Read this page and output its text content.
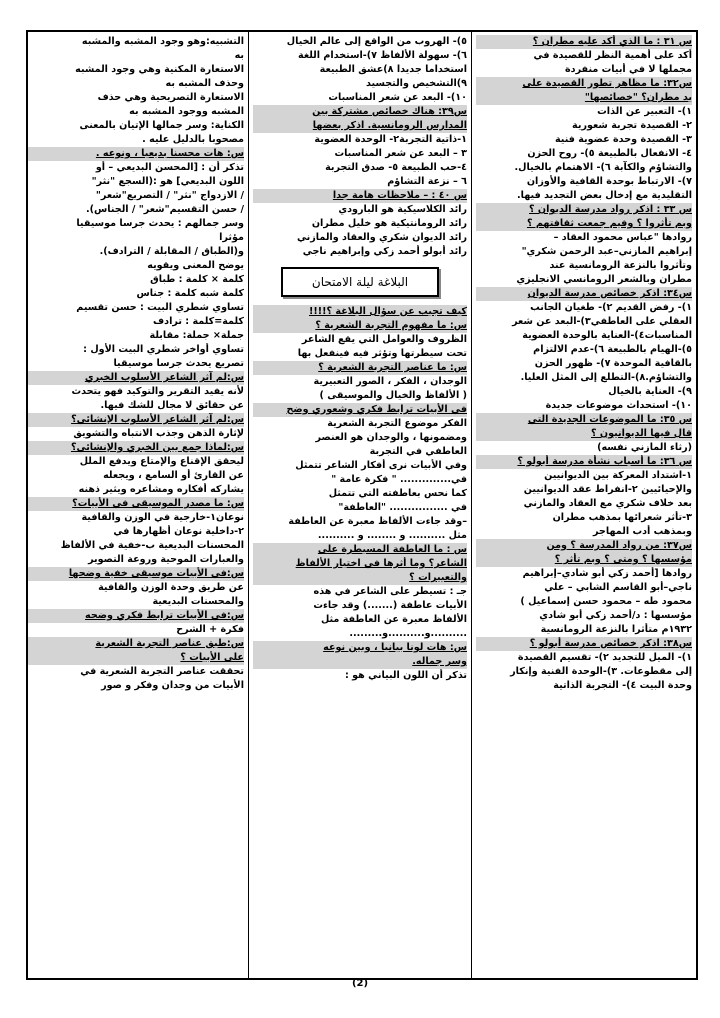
س ٣١ : ما الذي أكد عليه مطران ؟
أكد على أهمية النظر للقصيدة في
مجملها لا في أبيات منفردة
س٣٢: ما مظاهر تطور القصيدة على
يد مطران؟ "خصائصها"
١)- التعبير عن الذات
٢- القصيدة تجربة شعورية
٣- القصيدة وحدة عضوية فنية
٤- الانفعال بالطبيعة ٥)- روح الحزن
والتشاؤم والكآبة ٦)- الاهتمام بالخيال.
٧)- الارتباط بوحدة القافية والأوزان
التقليدية مع إدخال بعض التجديد فيها.
س ٣٣ : اذكر رواد مدرسة الديوان ؟
وبم تأثروا ؟ وفيم جمعت ثقافتهم ؟
روادها "عباس محمود العقاد –
إبراهيم المازني–عبد الرحمن شكري"
وتأثروا بالنزعة الرومانسية عند
مطران وبالشعر الرومانسي الانجليزي
س٣٤: اذكر خصائص مدرسة الديوان
١)- رفض القديم ٢)- طغيان الجانب
العقلي على العاطفي٣)-البعد عن شعر
المناسبات٤)-العناية بالوحدة العضوية
٥)-الهيام بالطبيعة ٦)-عدم الالتزام
بالقافية الموحدة ٧)- ظهور الحزن
والتشاؤم.٨)-التطلع إلى المثل العليا.
٩)- العناية بالخيال
١٠)- استحداث موضوعات جديدة
س ٣٥: ما الموضوعات الجديدة التي
قال فيها الديوانيون ؟
(رثاء المازني نفسه)
س ٣٦: ما أسباب نشأة مدرسة أبولو ؟
١-اشتداد المعركة بين الديوانيين
والإحيائيين ٢-انفراط عقد الديوانيين
بعد خلاف شكري مع العقاد والمازني
٣-تأثر شعرائها بمذهب مطران
وبمذهب أدب المهاجر
س٣٧: من رواد المدرسة ؟ ومن
مؤسسها ؟ ومتى ؟ وبم تأثر ؟
روادها [أحمد زكي أبو شادي–إبراهيم
ناجي–أبو القاسم الشابي – علي
محمود طه – محمود حسن إسماعيل )
مؤسسها : د/أحمد زكي أبو شادي
١٩٣٢م متأثرا بالنزعة الرومانسية
س٣٨: اذكر خصائص مدرسة أبولو ؟
١)- الميل للتجديد ٢)- تقسيم القصيدة
إلى مقطوعات. ٣)-الوحدة الفنية وإنكار
وحدة البيت ٤)- التجربة الذاتية
٥)- الهروب من الواقع إلى عالم الخيال
٦)- سهولة الألفاظ ٧)-استخدام اللغة
استخداما جديدا ٨)عشق الطبيعة
٩)التشخيص والتجسيد
١٠)- البعد عن شعر المناسبات
س٣٩: هناك خصائص مشتركة بين
المدارس الرومانسية. اذكر بعضها
١-ذاتية التجربة٢- الوحدة العضوية
٣ – البعد عن شعر المناسبات
٤-حب الطبيعة ٥- صدق التجربة
٦ – نزعة التشاؤم
س ٤٠ : – ملاحظات هامة جدا
رائد الكلاسيكية هو البارودي
رائد الرومانتيكية هو خليل مطران
رائد الديوان شكري والعقاد والمازني
رائد أبولو أحمد زكي وإبراهيم ناجي
البلاغة ليلة الامتحان
كيف تجيب عن سؤال البلاغة ؟!!!!
س: ما مفهوم التجربة الشعرية ؟
الظروف والعوامل التي يقع الشاعر
تحت سيطرتها وتؤثر فيه فينفعل بها
س: ما عناصر التجربة الشعرية ؟
الوجدان ، الفكر ، الصور التعبيرية
( الألفاظ والخيال والموسيقى )
في الأبيات ترابط فكري وشعوري وضح
الفكر موضوع التجربة الشعرية
ومضمونها ، والوجدان هو العنصر
العاطفي في التجربة
وفي الأبيات نرى أفكار الشاعر تتمثل
في.............. " فكرة عامة "
كما نحس بعاطفته التي تتمثل
في ................ "العاطفة"
–وقد جاءت الألفاظ معبرة عن العاطفة
مثل .......... و ........ و ..........
س : ما العاطفة المسيطرة على
الشاعر؟ وما أثرها في اختيار الألفاظ
والتعبيرات ؟
جـ : تسيطر على الشاعر في هذه
الأبيات عاطفة (.......) وقد جاءت
الألفاظ معبرة عن العاطفة مثل
..........و..........و.........
س: هات لونا بيانيا ، وبين نوعه
وسر جماله.
تذكر أن اللون البياني هو :
التشبيه:وهو وجود المشبه والمشبه
به
الاستعارة المكنية وهي وجود المشبه
وحذف المشبه به
الاستعارة التصريحية وهي حذف
المشبه ووجود المشبه به
الكناية: وسر جمالها الإتيان بالمعنى
مصحوبا بالدليل عليه .
س: هات محسنا بديعيا ، ونوعه .
تذكر أن : [المحسن البديعي – أو
اللون البديعي] هو :(السجع "نثر"
/ الازدواج "نثر" / التصريع"شعر"
/ حسن التقسيم"شعر" / الجناس).
وسر جمالهم : يحدث جرسا موسيقيا
مؤثرا
و(الطباق / المقابلة / الترادف).
يوضح المعنى ويقويه
كلمة × كلمة : طباق
كلمة شبه كلمة : جناس
تساوي شطري البيت : حسن تقسيم
كلمة=كلمة : ترادف
جملة× جملة: مقابلة
تساوي أواخر شطري البيت الأول :
تصريع يحدث جرسا موسيقيا
س:لم آثر الشاعر الأسلوب الخبري
لأنه يفيد التقرير والتوكيد فهو يتحدث
عن حقائق لا مجال للشك فيها.
س:لم آثر الشاعر الأسلوب الإنشائي؟
لإثارة الذهن وجذب الانتباه والتشويق
س:لماذا جمع بين الخبري والإنشائي؟
ليحقق الإقناع والإمتاع ويدفع الملل
عن القارئ أو السامع ، ويجعله
يشاركه أفكاره ومشاعره ويثير ذهنه
س: ما مصدر الموسيقى في الأبيات؟
نوعان١-خارجية في الوزن والقافية
٢-داخلية نوعان أظهارها في
المحسنات البديعية ب-خفية في الألفاظ
والعبارات الموحية وروعة التصوير
س:في الأبيات موسيقى خفية وضحها
عن طريق وحدة الوزن والقافية
والمحسنات البديعية
س:في الأبيات ترابط فكري وضحه
فكرة + الشرح
س:طبق عناصر التجربة الشعرية
على الأبيات ؟
تحققت عناصر التجربة الشعرية في
الأبيات من وجدان وفكر و صور
(2)
